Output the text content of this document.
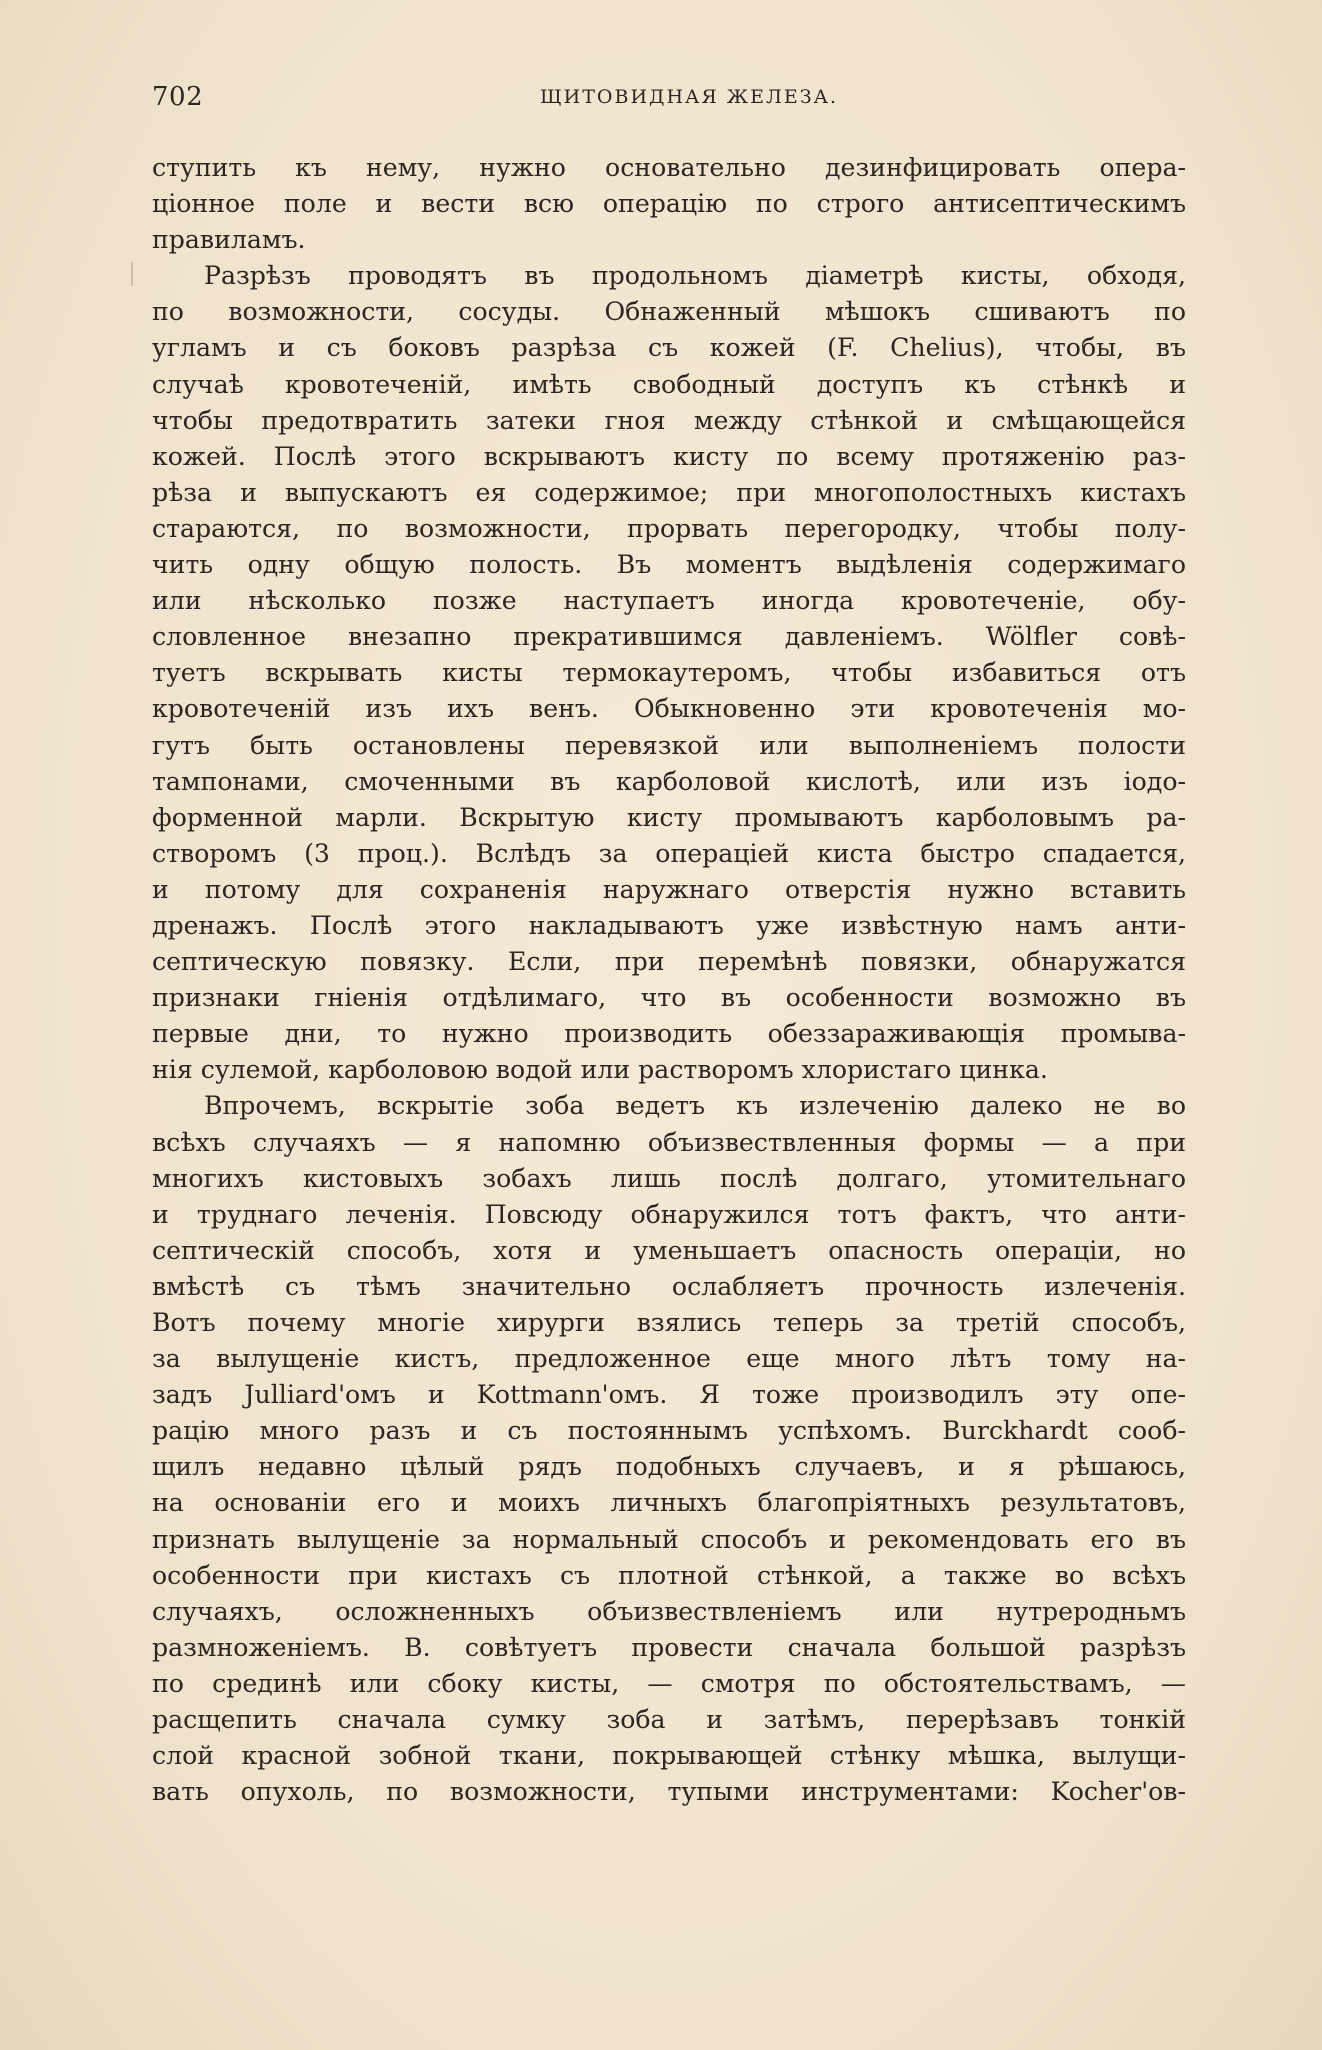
702	ЩИТОВИДНАЯ ЖЕЛЕЗА.
ступить къ нему, нужно основательно дезинфицировать опера-
ціонное поле и вести всю операцію по строго антисептическимъ
правиламъ.
Разрѣзъ проводятъ въ продольномъ діаметрѣ кисты, обходя,
по возможности, сосуды. Обнаженный мѣшокъ сшиваютъ по
угламъ и съ боковъ разрѣза съ кожей (F. Chelius), чтобы, въ
случаѣ кровотеченій, имѣть свободный доступъ къ стѣнкѣ и
чтобы предотвратить затеки гноя между стѣнкой и смѣщающейся
кожей. Послѣ этого вскрываютъ кисту по всему протяженію раз-
рѣза и выпускаютъ ея содержимое; при многополостныхъ кистахъ
стараются, по возможности, прорвать перегородку, чтобы полу-
чить одну общую полость. Въ моментъ выдѣленія содержимаго
или нѣсколько позже наступаетъ иногда кровотеченіе, обу-
словленное внезапно прекратившимся давленіемъ. Wölfler совѣ-
туетъ вскрывать кисты термокаутеромъ, чтобы избавиться отъ
кровотеченій изъ ихъ венъ. Обыкновенно эти кровотеченія мо-
гутъ быть остановлены перевязкой или выполненіемъ полости
тампонами, смоченными въ карболовой кислотѣ, или изъ іодо-
форменной марли. Вскрытую кисту промываютъ карболовымъ ра-
створомъ (3 проц.). Вслѣдъ за операціей киста быстро спадается,
и потому для сохраненія наружнаго отверстія нужно вставить
дренажъ. Послѣ этого накладываютъ уже извѣстную намъ анти-
септическую повязку. Если, при перемѣнѣ повязки, обнаружатся
признаки гніенія отдѣлимаго, что въ особенности возможно въ
первые дни, то нужно производить обеззараживающія промыва-
нія сулемой, карболовою водой или растворомъ хлористаго цинка.
Впрочемъ, вскрытіе зоба ведетъ къ излеченію далеко не во
всѣхъ случаяхъ — я напомню объизвествленныя формы — а при
многихъ кистовыхъ зобахъ лишь послѣ долгаго, утомительнаго
и труднаго леченія. Повсюду обнаружился тотъ фактъ, что анти-
септическій способъ, хотя и уменьшаетъ опасность операціи, но
вмѣстѣ съ тѣмъ значительно ослабляетъ прочность излеченія.
Вотъ почему многіе хирурги взялись теперь за третій способъ,
за вылущеніе кистъ, предложенное еще много лѣтъ тому на-
задъ Julliard'омъ и Kottmann'омъ. Я тоже производилъ эту опе-
рацію много разъ и съ постояннымъ успѣхомъ. Burckhardt сооб-
щилъ недавно цѣлый рядъ подобныхъ случаевъ, и я рѣшаюсь,
на основаніи его и моихъ личныхъ благопріятныхъ результатовъ,
признать вылущеніе за нормальный способъ и рекомендовать его въ
особенности при кистахъ съ плотной стѣнкой, а также во всѣхъ
случаяхъ, осложненныхъ объизвествленіемъ или нутреродньмъ
размноженіемъ. B. совѣтуетъ провести сначала большой разрѣзъ
по срединѣ или сбоку кисты, — смотря по обстоятельствамъ, —
расщепить сначала сумку зоба и затѣмъ, перерѣзавъ тонкій
слой красной зобной ткани, покрывающей стѣнку мѣшка, вылущи-
вать опухоль, по возможности, тупыми инструментами: Kocher'ов-
